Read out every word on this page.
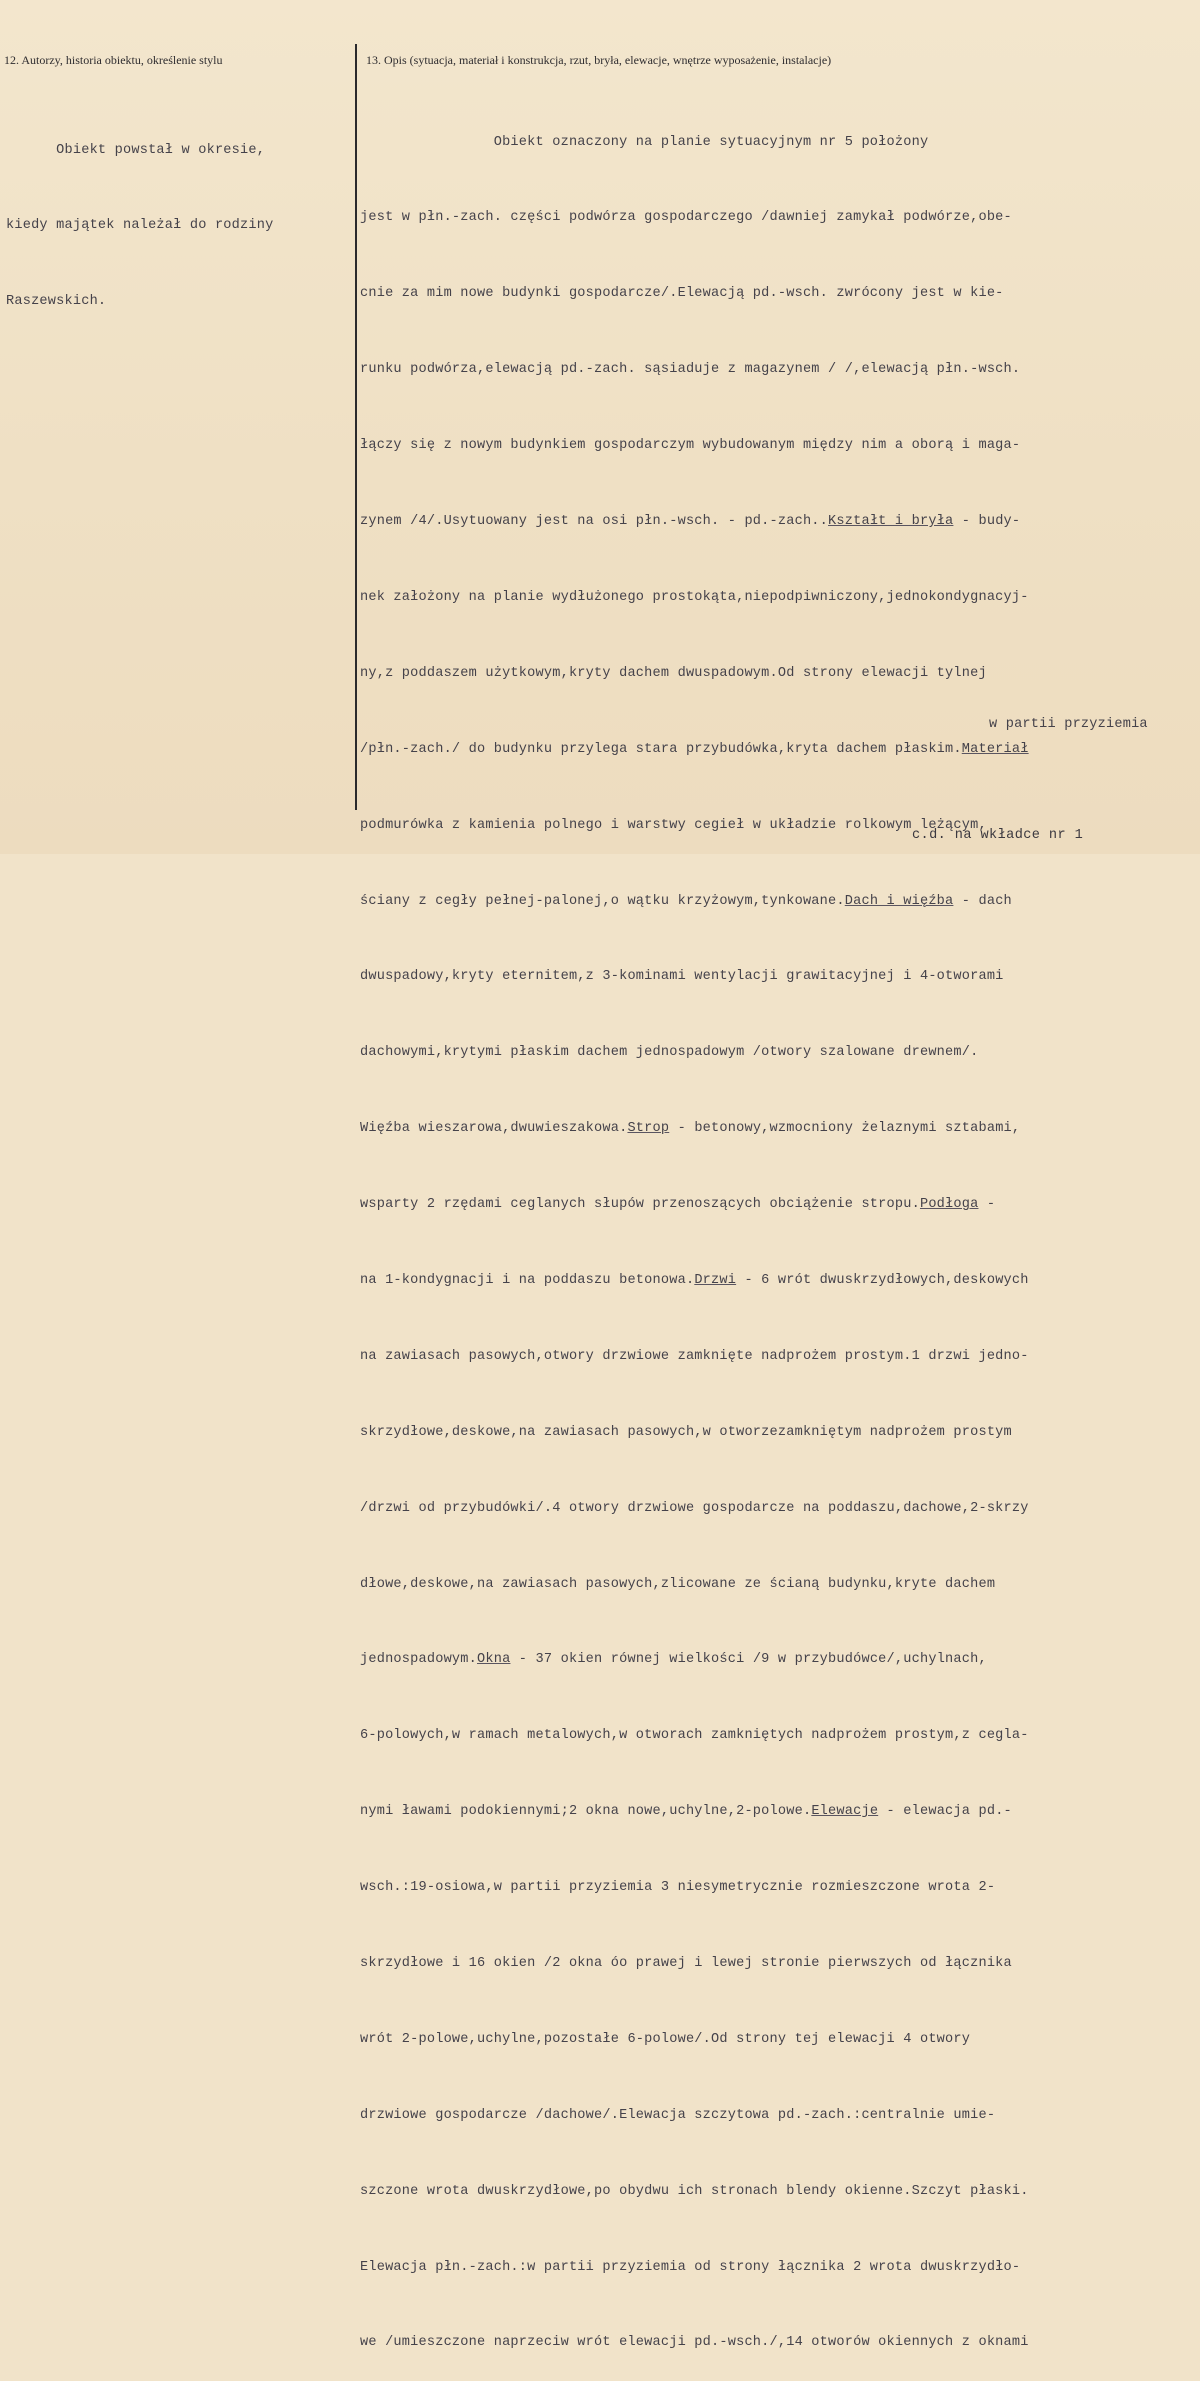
12. Autorzy, historia obiektu, określenie stylu	13. Opis (sytuacja, materiał i konstrukcja, rzut, bryła, elewacje, wnętrze wyposażenie, instalacje)

Obiekt powstał w okresie,

kiedy majątek należał do rodziny

Raszewskich.

Obiekt oznaczony na planie sytuacyjnym nr 5 położony

jest w płn.-zach. części podwórza gospodarczego /dawniej zamykał podwórze,obe-

cnie za mim nowe budynki gospodarcze/.Elewacją pd.-wsch. zwrócony jest w kie-

runku podwórza,elewacją pd.-zach. sąsiaduje z magazynem / /,elewacją płn.-wsch.

łączy się z nowym budynkiem gospodarczym wybudowanym między nim a oborą i maga-

zynem /4/.Usytuowany jest na osi płn.-wsch. - pd.-zach..Kształt i bryła - budy-

nek założony na planie wydłużonego prostokąta,niepodpiwniczony,jednokondygnacyj-

ny,z poddaszem użytkowym,kryty dachem dwuspadowym.Od strony elewacji tylnej

/płn.-zach./ do budynku przylega stara przybudówka,kryta dachem płaskim.Materiał

podmurówka z kamienia polnego i warstwy cegieł w układzie rolkowym leżącym,

ściany z cegły pełnej-palonej,o wątku krzyżowym,tynkowane.Dach i więźba - dach

dwuspadowy,kryty eternitem,z 3-kominami wentylacji grawitacyjnej i 4-otworami

dachowymi,krytymi płaskim dachem jednospadowym /otwory szalowane drewnem/.

Więźba wieszarowa,dwuwieszakowa.Strop - betonowy,wzmocniony żelaznymi sztabami,

wsparty 2 rzędami ceglanych słupów przenoszących obciążenie stropu.Podłoga -

na 1-kondygnacji i na poddaszu betonowa.Drzwi - 6 wrót dwuskrzydłowych,deskowych

na zawiasach pasowych,otwory drzwiowe zamknięte nadprożem prostym.1 drzwi jedno-

skrzydłowe,deskowe,na zawiasach pasowych,w otworzezamkniętym nadprożem prostym

/drzwi od przybudówki/.4 otwory drzwiowe gospodarcze na poddaszu,dachowe,2-skrzy

dłowe,deskowe,na zawiasach pasowych,zlicowane ze ścianą budynku,kryte dachem

jednospadowym.Okna - 37 okien równej wielkości /9 w przybudówce/,uchylnach,

6-polowych,w ramach metalowych,w otworach zamkniętych nadprożem prostym,z cegla-

nymi ławami podokiennymi;2 okna nowe,uchylne,2-polowe.Elewacje - elewacja pd.-

wsch.:19-osiowa,w partii przyziemia 3 niesymetrycznie rozmieszczone wrota 2-

skrzydłowe i 16 okien /2 okna óo prawej i lewej stronie pierwszych od łącznika

wrót 2-polowe,uchylne,pozostałe 6-polowe/.Od strony tej elewacji 4 otwory

drzwiowe gospodarcze /dachowe/.Elewacja szczytowa pd.-zach.:centralnie umie-

szczone wrota dwuskrzydłowe,po obydwu ich stronach blendy okienne.Szczyt płaski.

Elewacja płn.-zach.:w partii przyziemia od strony łącznika 2 wrota dwuskrzydło-

we /umieszczone naprzeciw wrót elewacji pd.-wsch./,14 otworów okiennych z oknami

w partii przyziemia
c.d. na wkładce nr 1
